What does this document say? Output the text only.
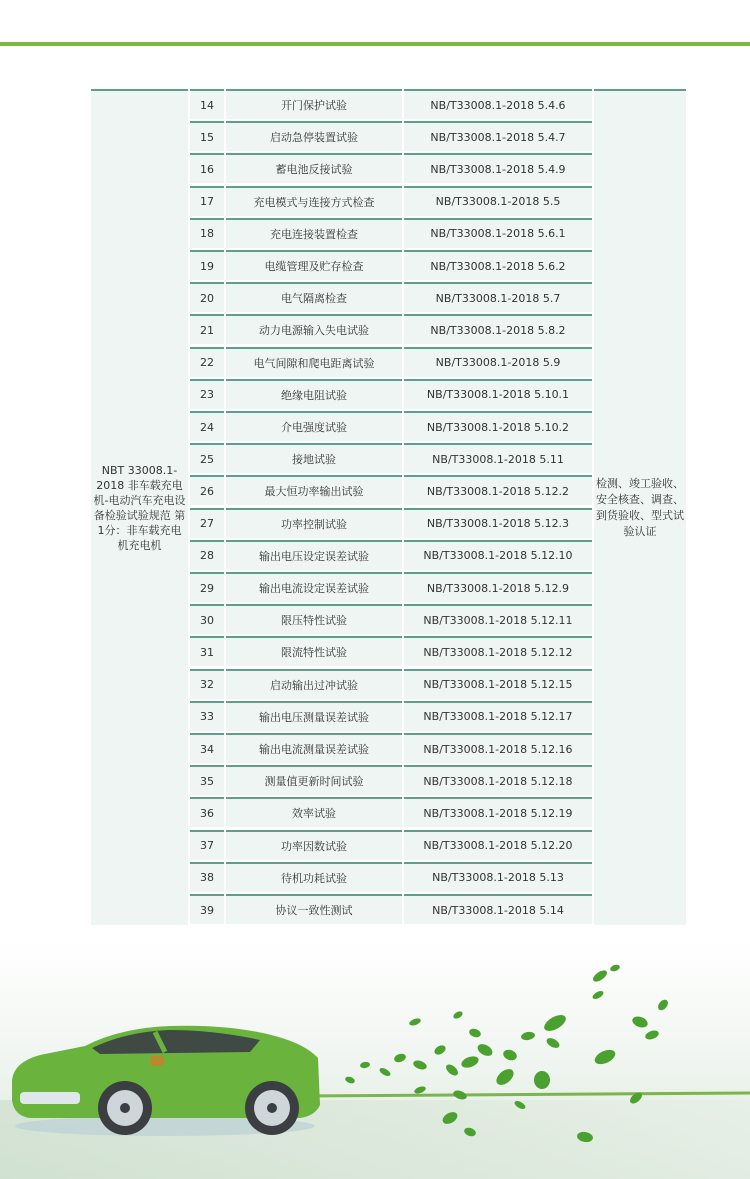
NBT 33008.1-2018 非车载充电机-电动汽车充电设备检验试验规范 第1分：非车载充电机充电机
14	开门保护试验	NB/T33008.1-2018 5.4.6
15	启动急停装置试验	NB/T33008.1-2018 5.4.7
16	蓄电池反接试验	NB/T33008.1-2018 5.4.9
17	充电模式与连接方式检查	NB/T33008.1-2018 5.5
18	充电连接装置检查	NB/T33008.1-2018 5.6.1
19	电缆管理及贮存检查	NB/T33008.1-2018 5.6.2
20	电气隔离检查	NB/T33008.1-2018 5.7
21	动力电源输入失电试验	NB/T33008.1-2018 5.8.2
22	电气间隙和爬电距离试验	NB/T33008.1-2018 5.9
23	绝缘电阻试验	NB/T33008.1-2018 5.10.1
24	介电强度试验	NB/T33008.1-2018 5.10.2
25	接地试验	NB/T33008.1-2018 5.11
26	最大恒功率输出试验	NB/T33008.1-2018 5.12.2
27	功率控制试验	NB/T33008.1-2018 5.12.3
28	输出电压设定误差试验	NB/T33008.1-2018 5.12.10
29	输出电流设定误差试验	NB/T33008.1-2018 5.12.9
30	限压特性试验	NB/T33008.1-2018 5.12.11
31	限流特性试验	NB/T33008.1-2018 5.12.12
32	启动输出过冲试验	NB/T33008.1-2018 5.12.15
33	输出电压测量误差试验	NB/T33008.1-2018 5.12.17
34	输出电流测量误差试验	NB/T33008.1-2018 5.12.16
35	测量值更新时间试验	NB/T33008.1-2018 5.12.18
36	效率试验	NB/T33008.1-2018 5.12.19
37	功率因数试验	NB/T33008.1-2018 5.12.20
38	待机功耗试验	NB/T33008.1-2018 5.13
39	协议一致性测试	NB/T33008.1-2018 5.14
检测、竣工验收、安全核查、调查、到货验收、型式试验认证
